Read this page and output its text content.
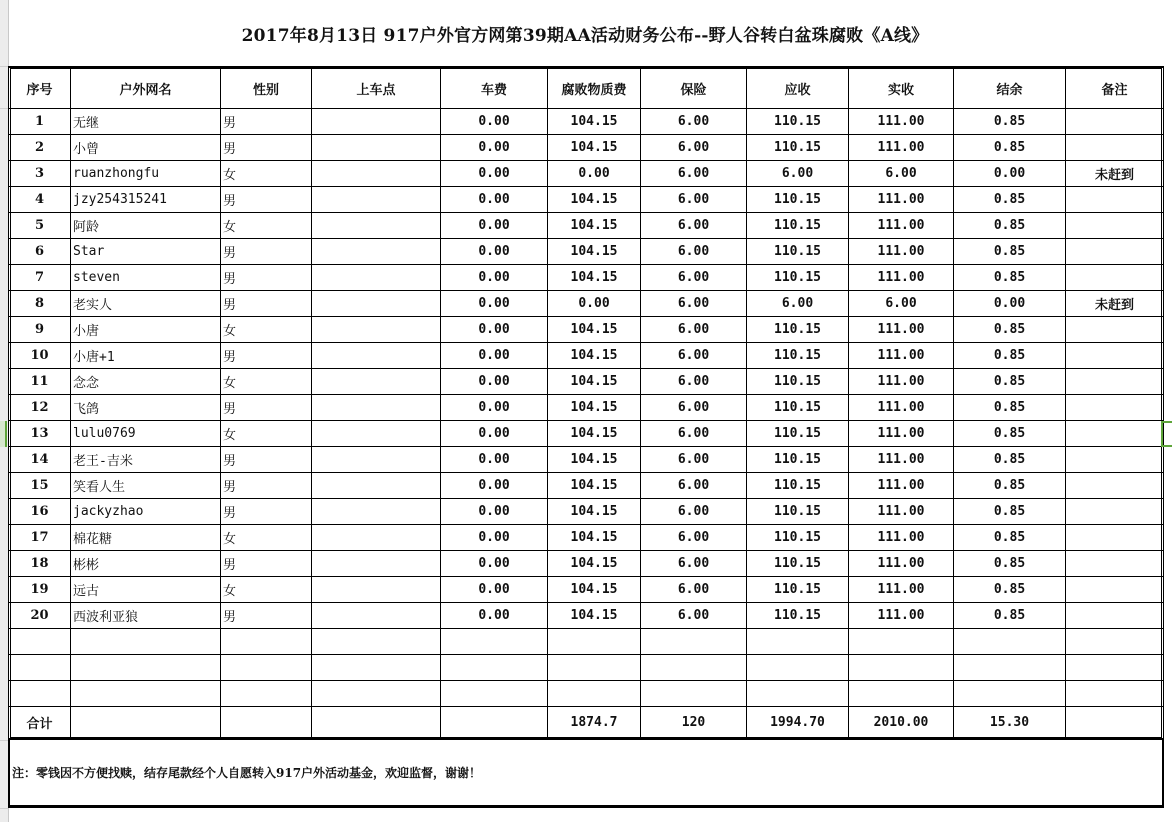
2017年8月13日 917户外官方网第39期AA活动财务公布--野人谷转白盆珠腐败《A线》
序号	户外网名	性别	上车点	车费	腐败物质费	保险	应收	实收	结余	备注
1	无继	男		0.00	104.15	6.00	110.15	111.00	0.85	
2	小曾	男		0.00	104.15	6.00	110.15	111.00	0.85	
3	ruanzhongfu	女		0.00	0.00	6.00	6.00	6.00	0.00	未赶到
4	jzy254315241	男		0.00	104.15	6.00	110.15	111.00	0.85	
5	阿龄	女		0.00	104.15	6.00	110.15	111.00	0.85	
6	Star	男		0.00	104.15	6.00	110.15	111.00	0.85	
7	steven	男		0.00	104.15	6.00	110.15	111.00	0.85	
8	老实人	男		0.00	0.00	6.00	6.00	6.00	0.00	未赶到
9	小唐	女		0.00	104.15	6.00	110.15	111.00	0.85	
10	小唐+1	男		0.00	104.15	6.00	110.15	111.00	0.85	
11	念念	女		0.00	104.15	6.00	110.15	111.00	0.85	
12	飞鸽	男		0.00	104.15	6.00	110.15	111.00	0.85	
13	lulu0769	女		0.00	104.15	6.00	110.15	111.00	0.85	
14	老王-吉米	男		0.00	104.15	6.00	110.15	111.00	0.85	
15	笑看人生	男		0.00	104.15	6.00	110.15	111.00	0.85	
16	jackyzhao	男		0.00	104.15	6.00	110.15	111.00	0.85	
17	棉花糖	女		0.00	104.15	6.00	110.15	111.00	0.85	
18	彬彬	男		0.00	104.15	6.00	110.15	111.00	0.85	
19	远古	女		0.00	104.15	6.00	110.15	111.00	0.85	
20	西波利亚狼	男		0.00	104.15	6.00	110.15	111.00	0.85	

合计					1874.7	120	1994.70	2010.00	15.30	
注：零钱因不方便找赎，结存尾款经个人自愿转入917户外活动基金，欢迎监督，谢谢！
